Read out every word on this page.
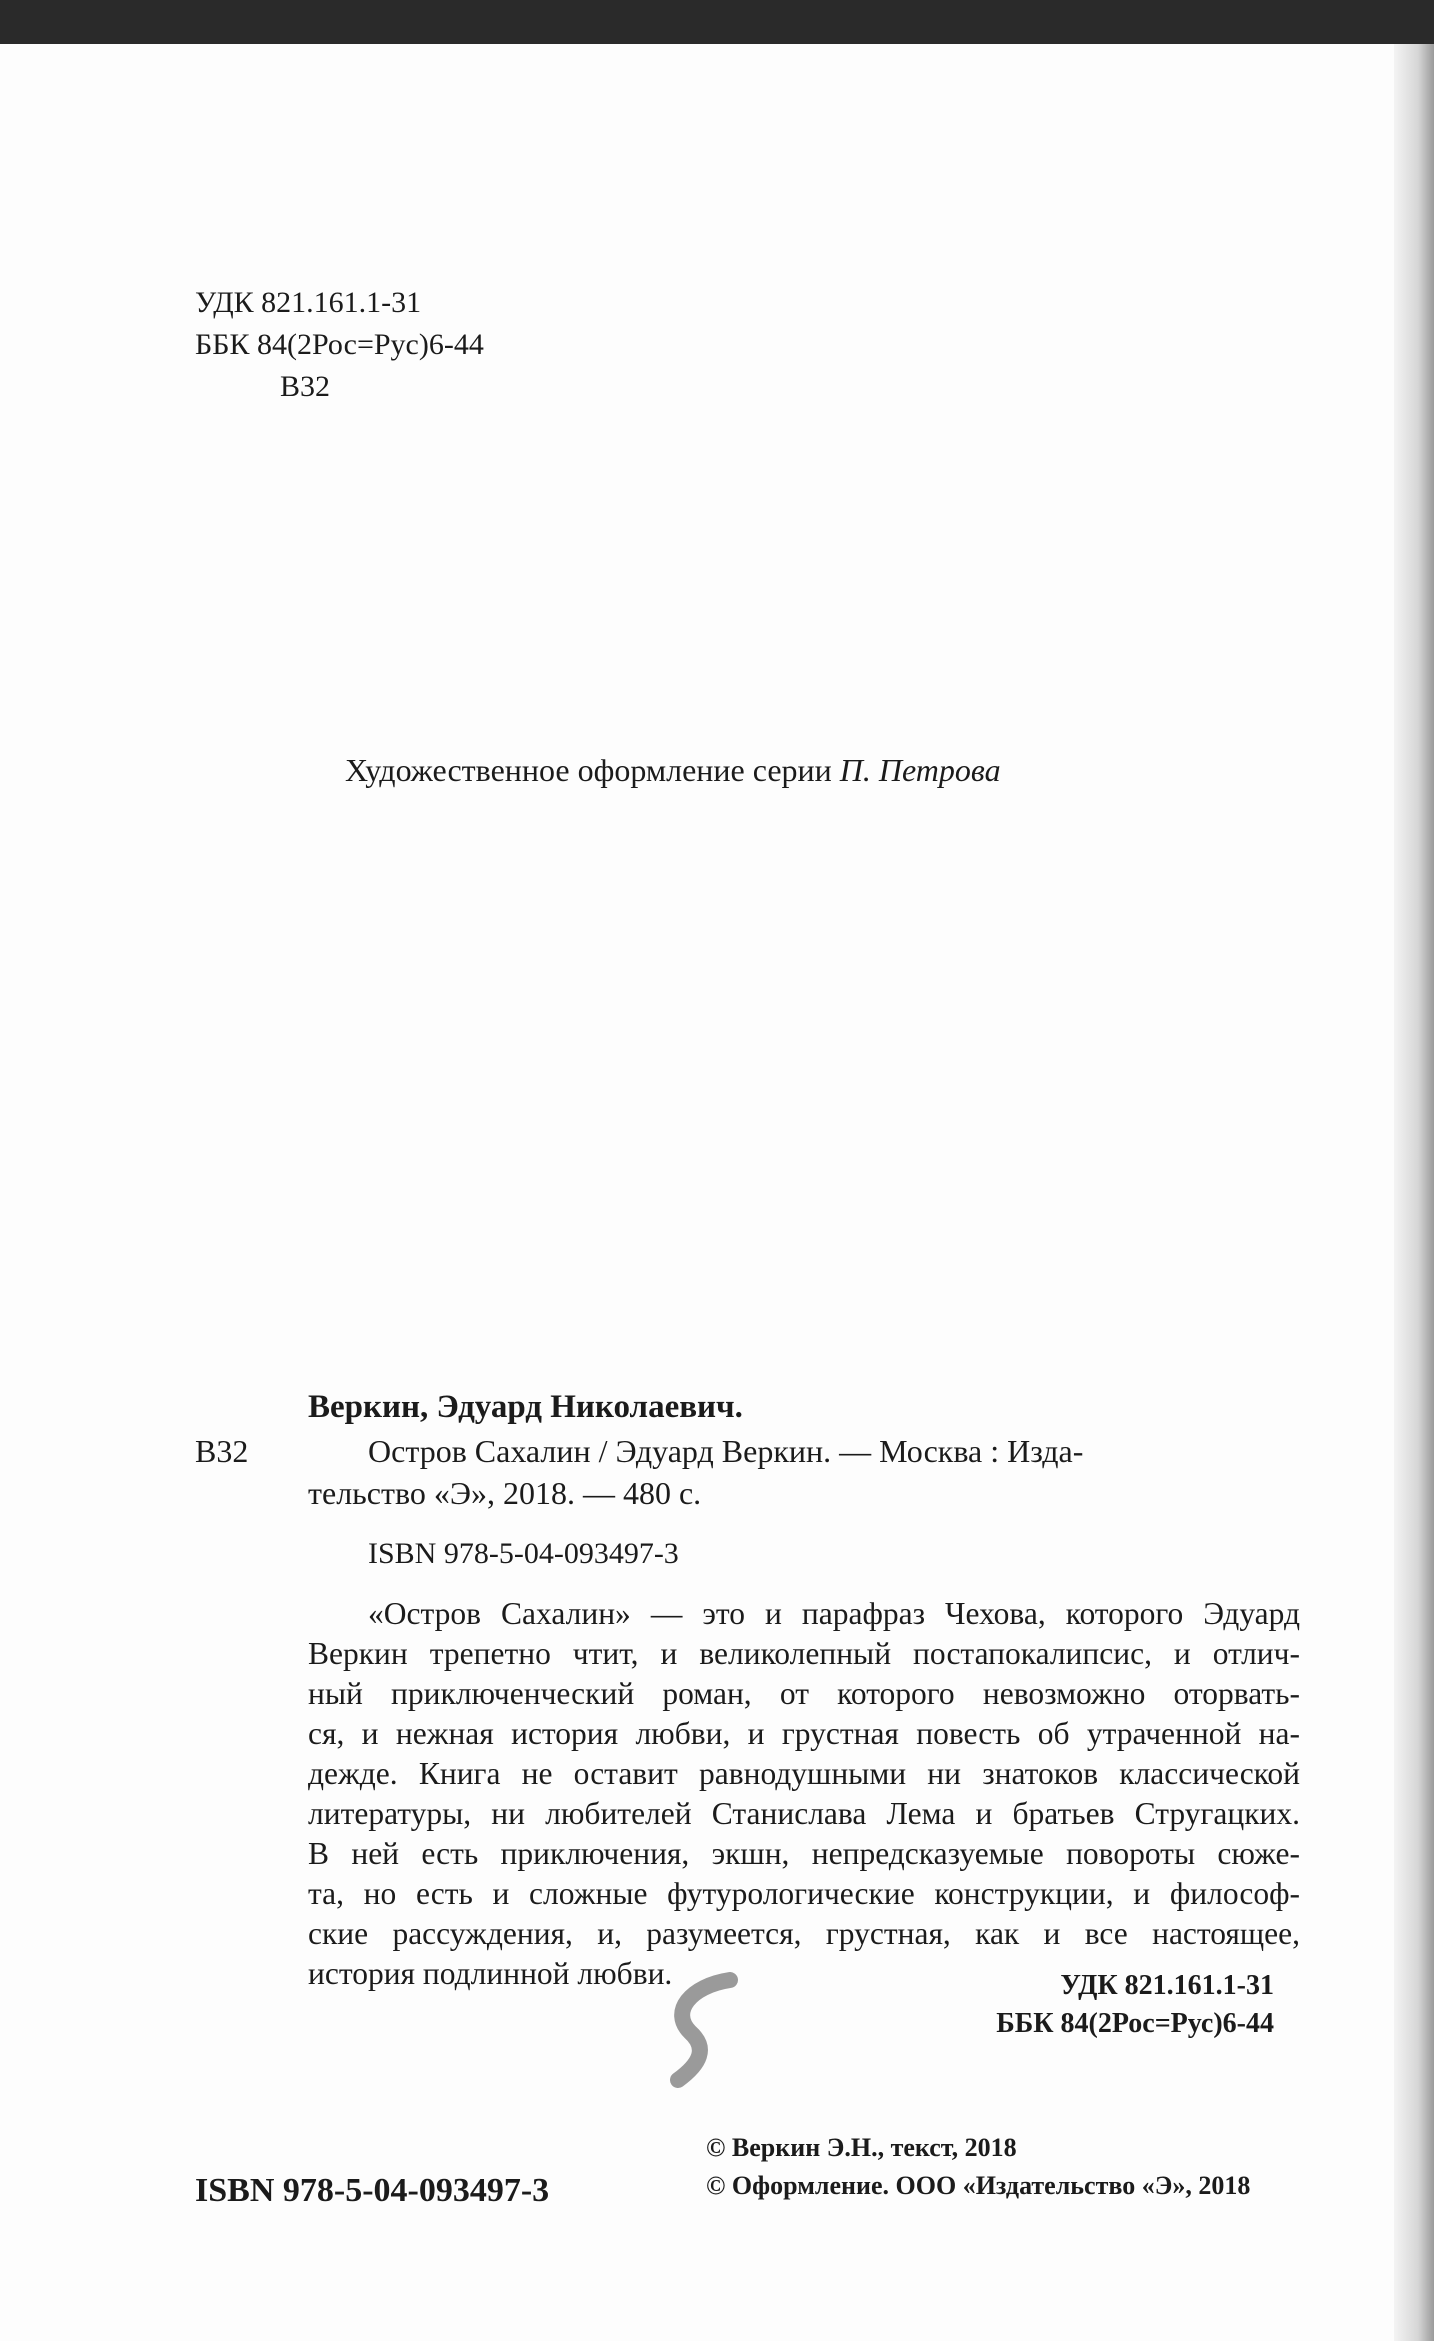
УДК 821.161.1-31

ББК 84(2Рос=Рус)6-44

В32

Художественное оформление серии П. Петрова

Веркин, Эдуард Николаевич.

В32	Остров Сахалин / Эдуард Веркин. — Москва : Изда-

тельство «Э», 2018. — 480 с.

ISBN 978-5-04-093497-3

«Остров Сахалин» — это и парафраз Чехова, которого Эдуард
Веркин трепетно чтит, и великолепный постапокалипсис, и отлич-
ный приключенческий роман, от которого невозможно оторвать-
ся, и нежная история любви, и грустная повесть об утраченной на-
дежде. Книга не оставит равнодушными ни знатоков классической
литературы, ни любителей Станислава Лема и братьев Стругацких.
В ней есть приключения, экшн, непредсказуемые повороты сюже-
та, но есть и сложные футурологические конструкции, и философ-
ские рассуждения, и, разумеется, грустная, как и все настоящее,
история подлинной любви.	УДК 821.161.1-31

ББК 84(2Рос=Рус)6-44

© Веркин Э.Н., текст, 2018

© Оформление. ООО «Издательство «Э», 2018

ISBN 978-5-04-093497-3
